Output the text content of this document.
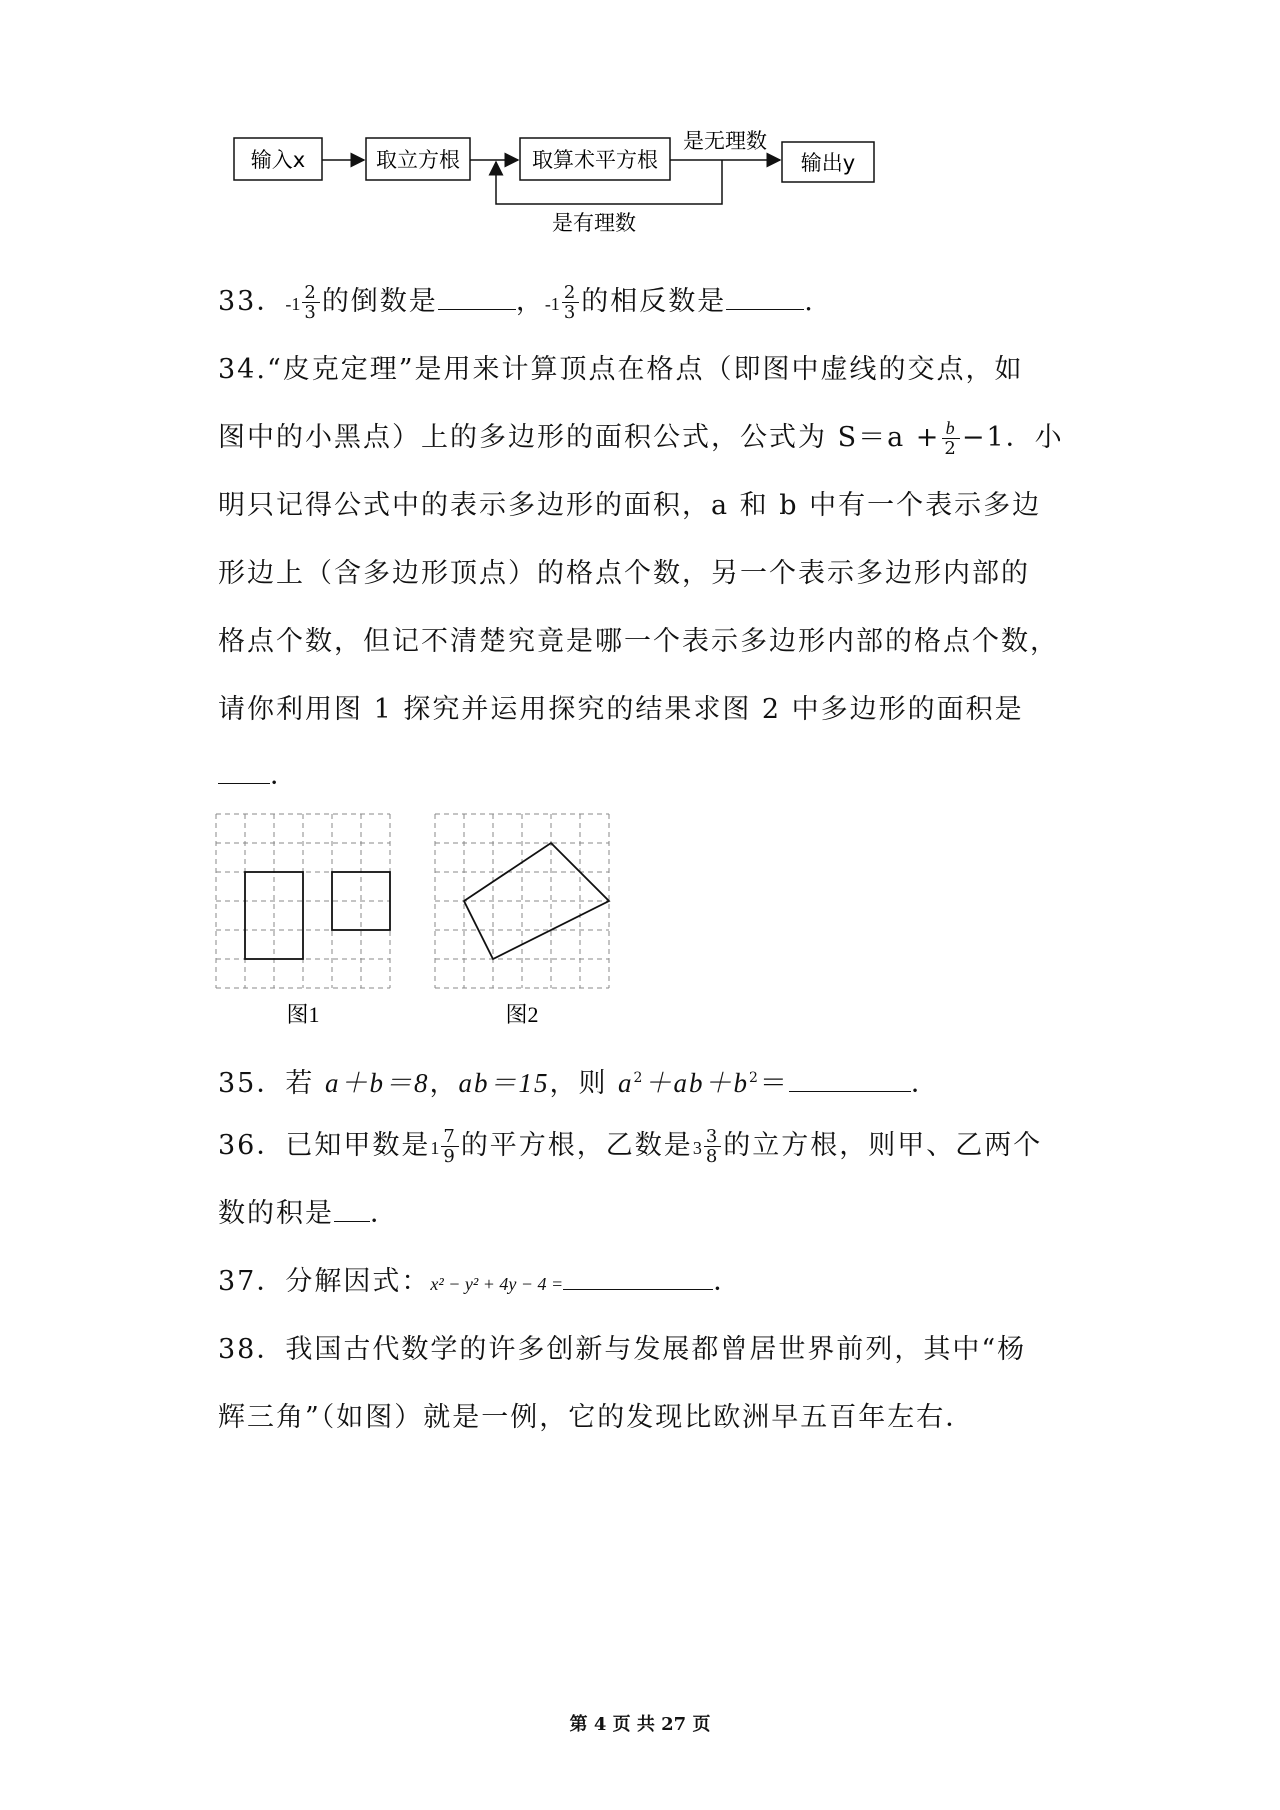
输入x	取立方根	取算术平方根
是无理数
输出y
是有理数
33．$-1 \frac{2}{3}$ 的倒数是	，$-1 \frac{2}{3}$ 的相反数是	.
34.“皮克定理”是用来计算顶点在格点（即图中虚线的交点，如
图中的小黑点）上的多边形的面积公式，公式为 $S=a + \frac{b}{2} -1$．小
明只记得公式中的表示多边形的面积，a 和 b 中有一个表示多边
形边上（含多边形顶点）的格点个数，另一个表示多边形内部的
格点个数，但记不清楚究竟是哪一个表示多边形内部的格点个数，
请你利用图 1 探究并运用探究的结果求图 2 中多边形的面积是
．
图1	图2
35．若 a＋b＝8，ab＝15，则 $a^2+ab+b^2=$	．
36．已知甲数是$1 \frac{7}{9}$ 的平方根，乙数是$3 \frac{3}{8}$ 的立方根，则甲、乙两个
数的积是 ．
37．分解因式：x² − y² + 4y − 4 =	．
38．我国古代数学的许多创新与发展都曾居世界前列，其中“杨
辉三角”（如图）就是一例，它的发现比欧洲早五百年左右．
第 4 页 共 27 页
